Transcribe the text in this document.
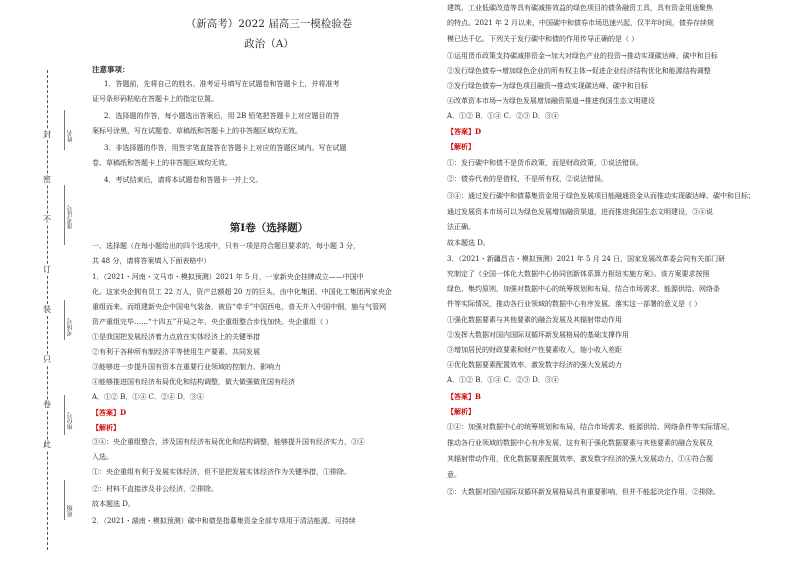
封
密
不
订
装
只
卷
此
姓名
准考证号
考场号
座位号
班级
（新高考）2022 届高三一模检验卷
政治（A）
注意事项：
1．答题前，先将自己的姓名、准考证号填写在试题卷和答题卡上，并将准考
证号条形码粘贴在答题卡上的指定位置。
2．选择题的作答，每小题选出答案后，用 2B 铅笔把答题卡上对应题目的答
案标号涂黑，写在试题卷、草稿纸和答题卡上的非答题区域均无效。
3．非选择题的作答，用签字笔直接答在答题卡上对应的答题区域内。写在试题
卷、草稿纸和答题卡上的非答题区域均无效。
4．考试结束后，请将本试题卷和答题卡一并上交。
第Ⅰ卷（选择题）
一、选择题（在每小题给出的四个选项中，只有一项是符合题目要求的，每小题 3 分，
共 48 分，请将答案填入下面表格中）
1．（2021・河南・文马市・模拟预测）2021 年 5 月，一家新央企挂牌成立——中国中
化。这家央企拥有员工 22 万人，资产总额超 20 万的巨头，由中化集团、中国化工集团两家央企
重组而来。而组建新央企中国电气装备，被俗“牵手”中国西电，普天并入中国中钢，施与气管网
资产重组完毕……“十四五”开局之年，央企重组整合步伐加快。央企重组（ ）
①是我国把发展经济着力点放在实体经济上的关键举措
②有利于各种所有制经济平等使用生产要素、共同发展
③能够进一步提升国有资本在重要行业领域的控制力、影响力
④能够推进国有经济布局优化和结构调整，做大做强做优国有经济
A．①② B．①④ C．②④ D．③④
【答案】D
【解析】
③④：央企重组整合，涉及国有经济布局优化和结构调整，能够提升国有经济实力，③④
入选。
①：央企重组有利于发展实体经济，但不是把发展实体经济作为关键举措，①排除。
②：材料不直接涉及非公经济，②排除。
故本题选 D。
2．（2021・湖南・模拟预测）碳中和债是指募集资金全部专项用于清洁能源、可持续
建筑、工业低碳改造等具有碳减排效益的绿色项目的债务融资工具，具有资金用途聚焦
的特点。2021 年 2 月以来，中国碳中和债券市场迅速兴起，仅半年时间，债券存续规
模已达千亿。下列关于发行碳中和债的作用传导正确的是（ ）
①运用货币政策支持碳减排资金→加大对绿色产业的投资→推动实现碳达峰、碳中和目标
②发行绿色债券→增加绿色企业的所有权主体→促进企业经济结构优化和能源结构调整
③发行绿色债券→为绿色项目融资→推动实现碳达峰、碳中和目标
④改革资本市场→为绿色发展增加融资渠道→推进我国生态文明建设
A．①② B．①④ C．②③ D．③④
【答案】D
【解析】
①：发行碳中和债不是货币政策，而是财政政策，①说法错误。
②：债券代表的是借权，不是所有权，②说法错误。
③④：通过发行碳中和债募集资金用于绿色发展项目能融通资金从而推动实现碳达峰、碳中和目标；
通过发展资本市场可以为绿色发展增加融资渠道，进而推进我国生态文明建设，③④说
法正确。
故本题选 D。
3．（2021・新疆昌吉・模拟预测）2021 年 5 月 24 日，国家发展改革委会同有关部门研
究制定了《全国一体化大数据中心协同创新体系算力枢纽实施方案》。该方案要求按照
绿色、集约原则，加强对数据中心的统筹规划和布局，结合市场需求、能源供给、网络条
件等实际情况，推动各行业领域的数据中心有序发展。落实这一部署的意义是（ ）
①强化数据要素与其他要素的融合发展及其辐射带动作用
②发挥大数据对国内国际双循环新发展格局的基础支撑作用
③增加居民的财政要素和财产性要素收入，缩小收入差距
④优化数据要素配置效率，激发数字经济的强大发展动力
A．①② B．①④ C．②③ D．③④
【答案】B
【解析】
①④：加强对数据中心的统筹规划和布局，结合市场需求、能源供给、网络条件等实际情况，
推动各行业领域的数据中心有序发展，这有利于强化数据要素与其他要素的融合发展及
其辐射带动作用，优化数据要素配置效率，激发数字经济的强大发展动力，①④符合题
意。
②：大数据对国内国际双循环新发展格局具有重要影响，但并不能起决定作用，②排除。
